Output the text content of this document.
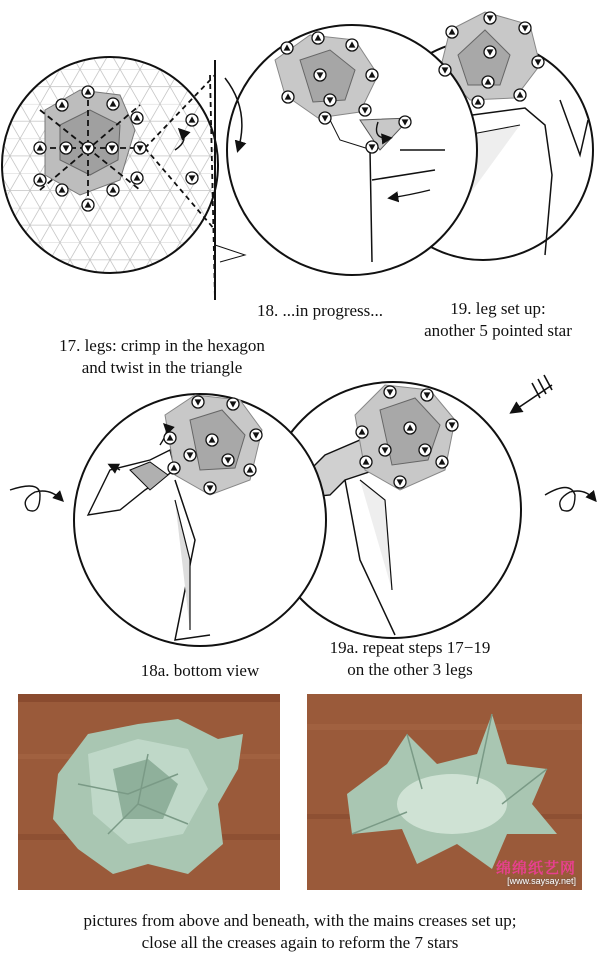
17. legs: crimp in the hexagon
and twist in the triangle
18. ...in progress...	19. leg set up:
another 5 pointed star
18a. bottom view
19a. repeat steps 17−19
on the other 3 legs
绵绵纸艺网
[www.saysay.net]
pictures from above and beneath, with the mains creases set up;
close all the creases again to reform the 7 stars
